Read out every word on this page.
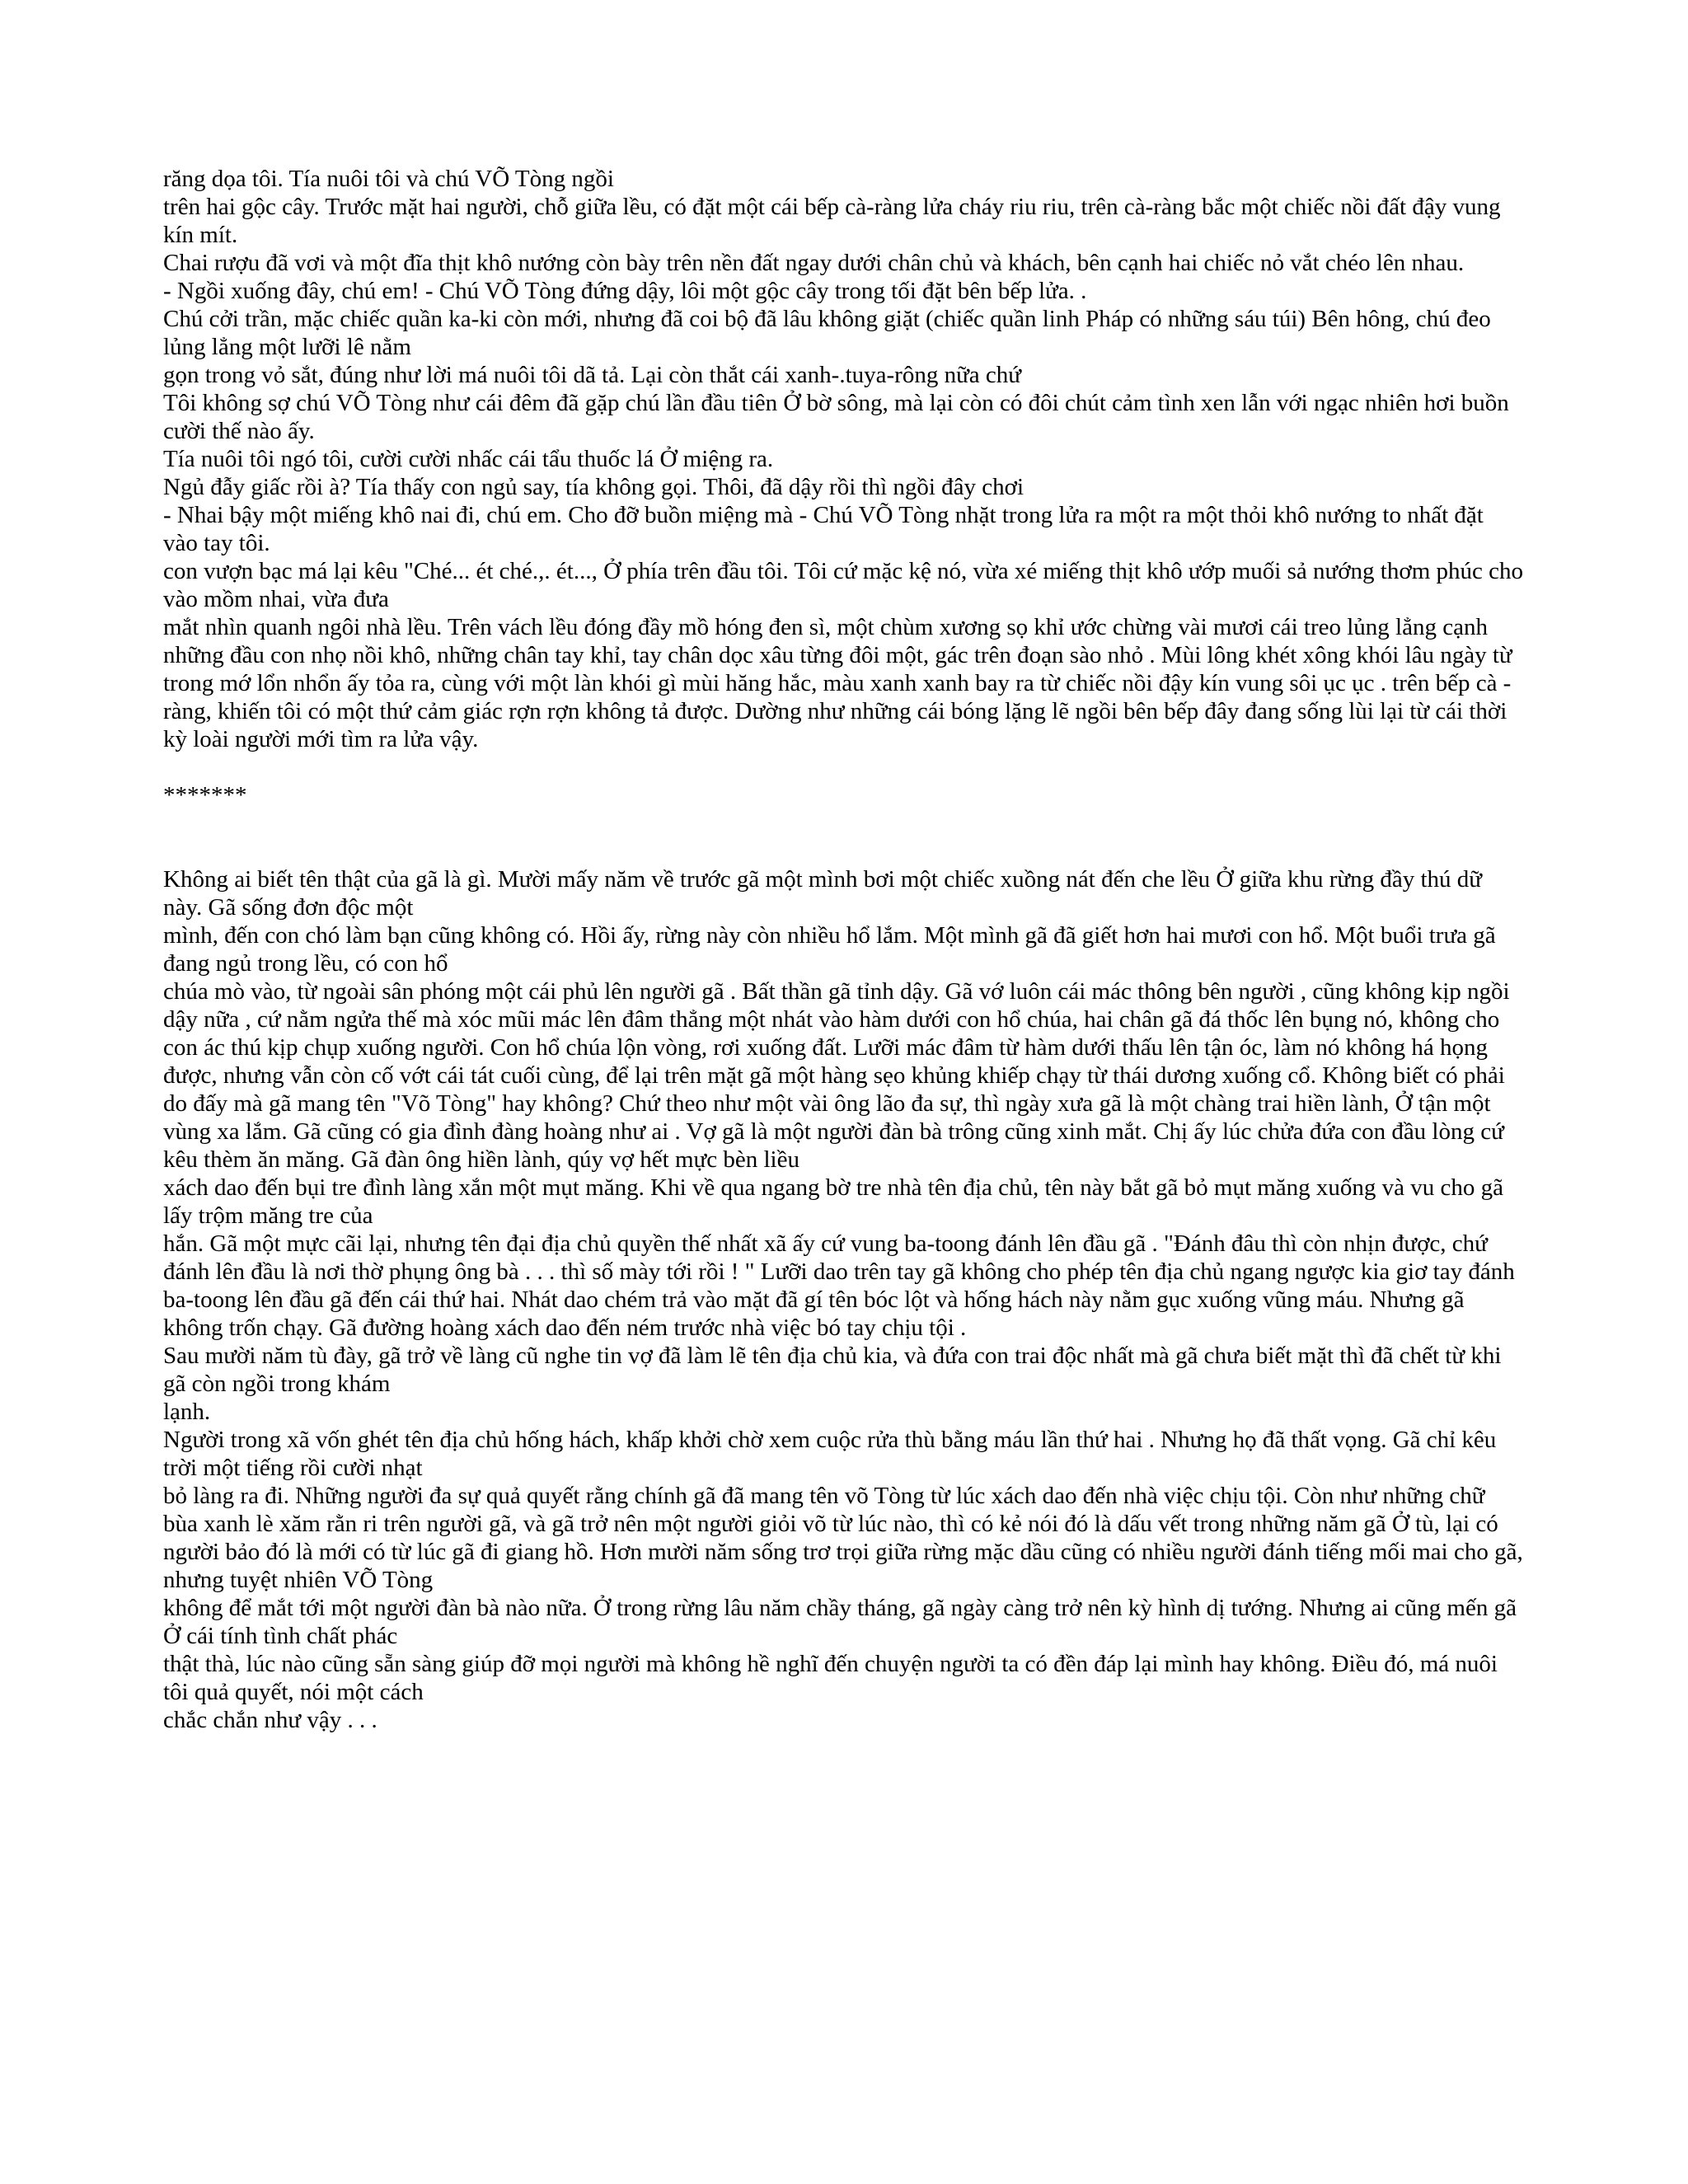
răng dọa tôi. Tía nuôi tôi và chú VÕ Tòng ngồi

trên hai gộc cây. Trước mặt hai người, chỗ giữa lều, có đặt một cái bếp cà-ràng lửa cháy riu riu, trên cà-ràng bắc một chiếc nồi đất đậy vung kín mít.

Chai rượu đã vơi và một đĩa thịt khô nướng còn bày trên nền đất ngay dưới chân chủ và khách, bên cạnh hai chiếc nỏ vắt chéo lên nhau.

- Ngồi xuống đây, chú em! - Chú VÕ Tòng đứng dậy, lôi một gộc cây trong tối đặt bên bếp lửa. .

Chú cởi trần, mặc chiếc quần ka-ki còn mới, nhưng đã coi bộ đã lâu không giặt (chiếc quần linh Pháp có những sáu túi) Bên hông, chú đeo lủng lẳng một lưỡi lê nằm

gọn trong vỏ sắt, đúng như lời má nuôi tôi dã tả. Lại còn thắt cái xanh-.tuya-rông nữa chứ

Tôi không sợ chú VÕ Tòng như cái đêm đã gặp chú lần đầu tiên Ở bờ sông, mà lại còn có đôi chút cảm tình xen lẫn với ngạc nhiên hơi buồn cười thế nào ấy.

Tía nuôi tôi ngó tôi, cười cười nhấc cái tẩu thuốc lá Ở miệng ra.

Ngủ đẫy giấc rồi à? Tía thấy con ngủ say, tía không gọi. Thôi, đã dậy rồi thì ngồi đây chơi

- Nhai bậy một miếng khô nai đi, chú em. Cho đỡ buồn miệng mà - Chú VÕ Tòng nhặt trong lửa ra một ra một thỏi khô nướng to nhất đặt vào tay tôi.

con vượn bạc má lại kêu "Ché... ét ché.,. ét..., Ở phía trên đầu tôi. Tôi cứ mặc kệ nó, vừa xé miếng thịt khô ướp muối sả nướng thơm phúc cho vào mồm nhai, vừa đưa

mắt nhìn quanh ngôi nhà lều. Trên vách lều đóng đầy mồ hóng đen sì, một chùm xương sọ khỉ ước chừng vài mươi cái treo lủng lẳng cạnh những đầu con nhọ nồi khô, những chân tay khỉ, tay chân dọc xâu từng đôi một, gác trên đoạn sào nhỏ . Mùi lông khét xông khói lâu ngày từ trong mớ lổn nhổn ấy tỏa ra, cùng với một làn khói gì mùi hăng hắc, màu xanh xanh bay ra từ chiếc nồi đậy kín vung sôi ục ục . trên bếp cà -ràng, khiến tôi có một thứ cảm giác rợn rợn không tả được. Dường như những cái bóng lặng lẽ ngồi bên bếp đây đang sống lùi lại từ cái thời kỳ loài người mới tìm ra lửa vậy.

*******

Không ai biết tên thật của gã là gì. Mười mấy năm về trước gã một mình bơi một chiếc xuồng nát đến che lều Ở giữa khu rừng đầy thú dữ này. Gã sống đơn độc một

mình, đến con chó làm bạn cũng không có. Hồi ấy, rừng này còn nhiều hổ lắm. Một mình gã đã giết hơn hai mươi con hổ. Một buổi trưa gã đang ngủ trong lều, có con hổ

chúa mò vào, từ ngoài sân phóng một cái phủ lên người gã . Bất thần gã tỉnh dậy. Gã vớ luôn cái mác thông bên người , cũng không kịp ngồi dậy nữa , cứ nằm ngửa thế mà xóc mũi mác lên đâm thẳng một nhát vào hàm dưới con hổ chúa, hai chân gã đá thốc lên bụng nó, không cho con ác thú kịp chụp xuống người. Con hổ chúa lộn vòng, rơi xuống đất. Lưỡi mác đâm từ hàm dưới thấu lên tận óc, làm nó không há họng được, nhưng vẫn còn cố vớt cái tát cuối cùng, để lại trên mặt gã một hàng sẹo khủng khiếp chạy từ thái dương xuống cổ. Không biết có phải do đấy mà gã mang tên "Võ Tòng" hay không? Chứ theo như một vài ông lão đa sự, thì ngày xưa gã là một chàng trai hiền lành, Ở tận một vùng xa lắm. Gã cũng có gia đình đàng hoàng như ai . Vợ gã là một người đàn bà trông cũng xinh mắt. Chị ấy lúc chửa đứa con đầu lòng cứ kêu thèm ăn măng. Gã đàn ông hiền lành, qúy vợ hết mực bèn liều

xách dao đến bụi tre đình làng xắn một mụt măng. Khi về qua ngang bờ tre nhà tên địa chủ, tên này bắt gã bỏ mụt măng xuống và vu cho gã lấy trộm măng tre của

hắn. Gã một mực cãi lại, nhưng tên đại địa chủ quyền thế nhất xã ấy cứ vung ba-toong đánh lên đầu gã . "Đánh đâu thì còn nhịn được, chứ đánh lên đầu là nơi thờ phụng ông bà . . . thì số mày tới rồi ! " Lưỡi dao trên tay gã không cho phép tên địa chủ ngang ngược kia giơ tay đánh ba-toong lên đầu gã đến cái thứ hai. Nhát dao chém trả vào mặt đã gí tên bóc lột và hống hách này nằm gục xuống vũng máu. Nhưng gã không trốn chạy. Gã đường hoàng xách dao đến ném trước nhà việc bó tay chịu tội .

Sau mười năm tù đày, gã trở về làng cũ nghe tin vợ đã làm lẽ tên địa chủ kia, và đứa con trai độc nhất mà gã chưa biết mặt thì đã chết từ khi gã còn ngồi trong khám

lạnh.

Người trong xã vốn ghét tên địa chủ hống hách, khấp khởi chờ xem cuộc rửa thù bằng máu lần thứ hai . Nhưng họ đã thất vọng. Gã chỉ kêu trời một tiếng rồi cười nhạt

bỏ làng ra đi. Những người đa sự quả quyết rằng chính gã đã mang tên võ Tòng từ lúc xách dao đến nhà việc chịu tội. Còn như những chữ bùa xanh lè xăm rằn ri trên người gã, và gã trở nên một người giỏi võ từ lúc nào, thì có kẻ nói đó là dấu vết trong những năm gã Ở tù, lại có người bảo đó là mới có từ lúc gã đi giang hồ. Hơn mười năm sống trơ trọi giữa rừng mặc dầu cũng có nhiều người đánh tiếng mối mai cho gã, nhưng tuyệt nhiên VÕ Tòng

không để mắt tới một người đàn bà nào nữa. Ở trong rừng lâu năm chầy tháng, gã ngày càng trở nên kỳ hình dị tướng. Nhưng ai cũng mến gã Ở cái tính tình chất phác

thật thà, lúc nào cũng sẵn sàng giúp đỡ mọi người mà không hề nghĩ đến chuyện người ta có đền đáp lại mình hay không. Điều đó, má nuôi tôi quả quyết, nói một cách

chắc chắn như vậy . . .
